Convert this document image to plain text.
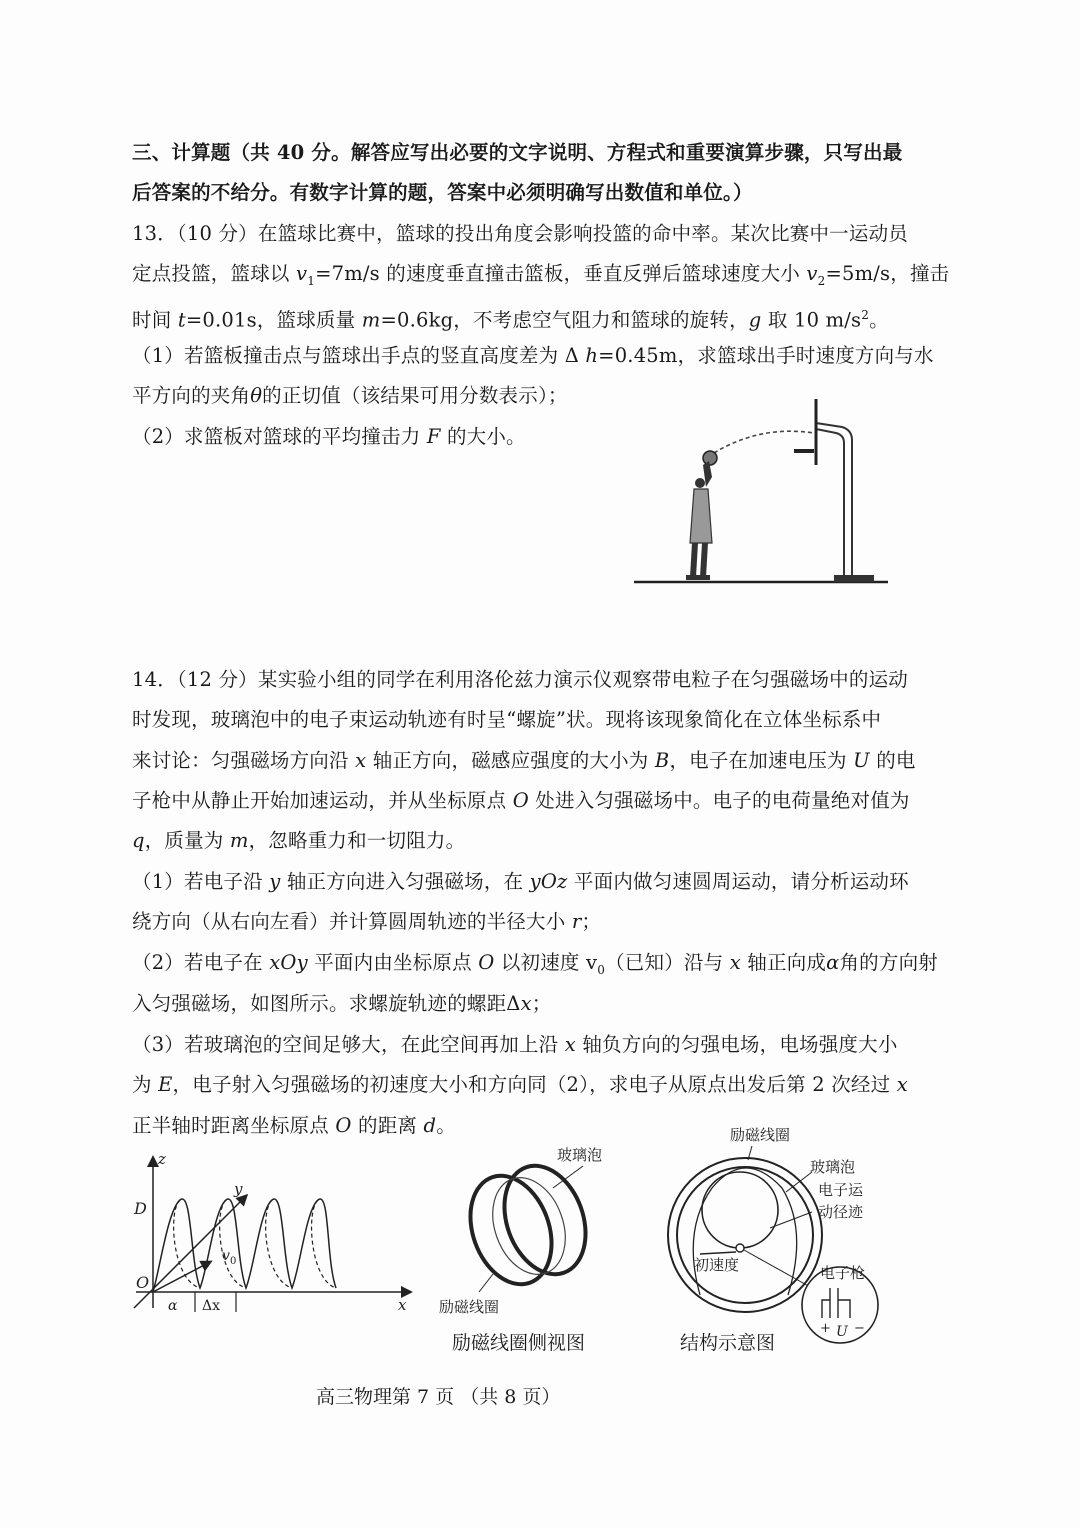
三、计算题（共 40 分。解答应写出必要的文字说明、方程式和重要演算步骤，只写出最
后答案的不给分。有数字计算的题，答案中必须明确写出数值和单位。）
13．（10 分）在篮球比赛中，篮球的投出角度会影响投篮的命中率。某次比赛中一运动员
定点投篮，篮球以 $v_1=7m/s$ 的速度垂直撞击篮板，垂直反弹后篮球速度大小 $v_2=5m/s$，撞击
时间 t=0.01s，篮球质量 m=0.6kg，不考虑空气阻力和篮球的旋转，g 取 10 $m/s^2$。
（1）若篮板撞击点与篮球出手点的竖直高度差为 Δ h=0.45m，求篮球出手时速度方向与水
平方向的夹角θ的正切值（该结果可用分数表示）；
（2）求篮板对篮球的平均撞击力 F 的大小。
14．（12 分）某实验小组的同学在利用洛伦兹力演示仪观察带电粒子在匀强磁场中的运动
时发现，玻璃泡中的电子束运动轨迹有时呈“螺旋”状。现将该现象简化在立体坐标系中
来讨论：匀强磁场方向沿 x 轴正方向，磁感应强度的大小为 B，电子在加速电压为 U 的电
子枪中从静止开始加速运动，并从坐标原点 O 处进入匀强磁场中。电子的电荷量绝对值为
q，质量为 m，忽略重力和一切阻力。
（1）若电子沿 y 轴正方向进入匀强磁场，在 yOz 平面内做匀速圆周运动，请分析运动环
绕方向（从右向左看）并计算圆周轨迹的半径大小 r；
（2）若电子在 xOy 平面内由坐标原点 O 以初速度 $v_0$（已知）沿与 x 轴正向成α角的方向射
入匀强磁场，如图所示。求螺旋轨迹的螺距Δx；
（3）若玻璃泡的空间足够大，在此空间再加上沿 x 轴负方向的匀强电场，电场强度大小
为 E，电子射入匀强磁场的初速度大小和方向同（2），求电子从原点出发后第 2 次经过 x
正半轴时距离坐标原点 O 的距离 d。
z
y
x
D
O
v 0
α Δx
玻璃泡
励磁线圈
励磁线圈侧视图
励磁线圈
玻璃泡
电子运
动径迹
初速度	电子枪
+ U −
结构示意图
高三物理第 7 页 （共 8 页）
